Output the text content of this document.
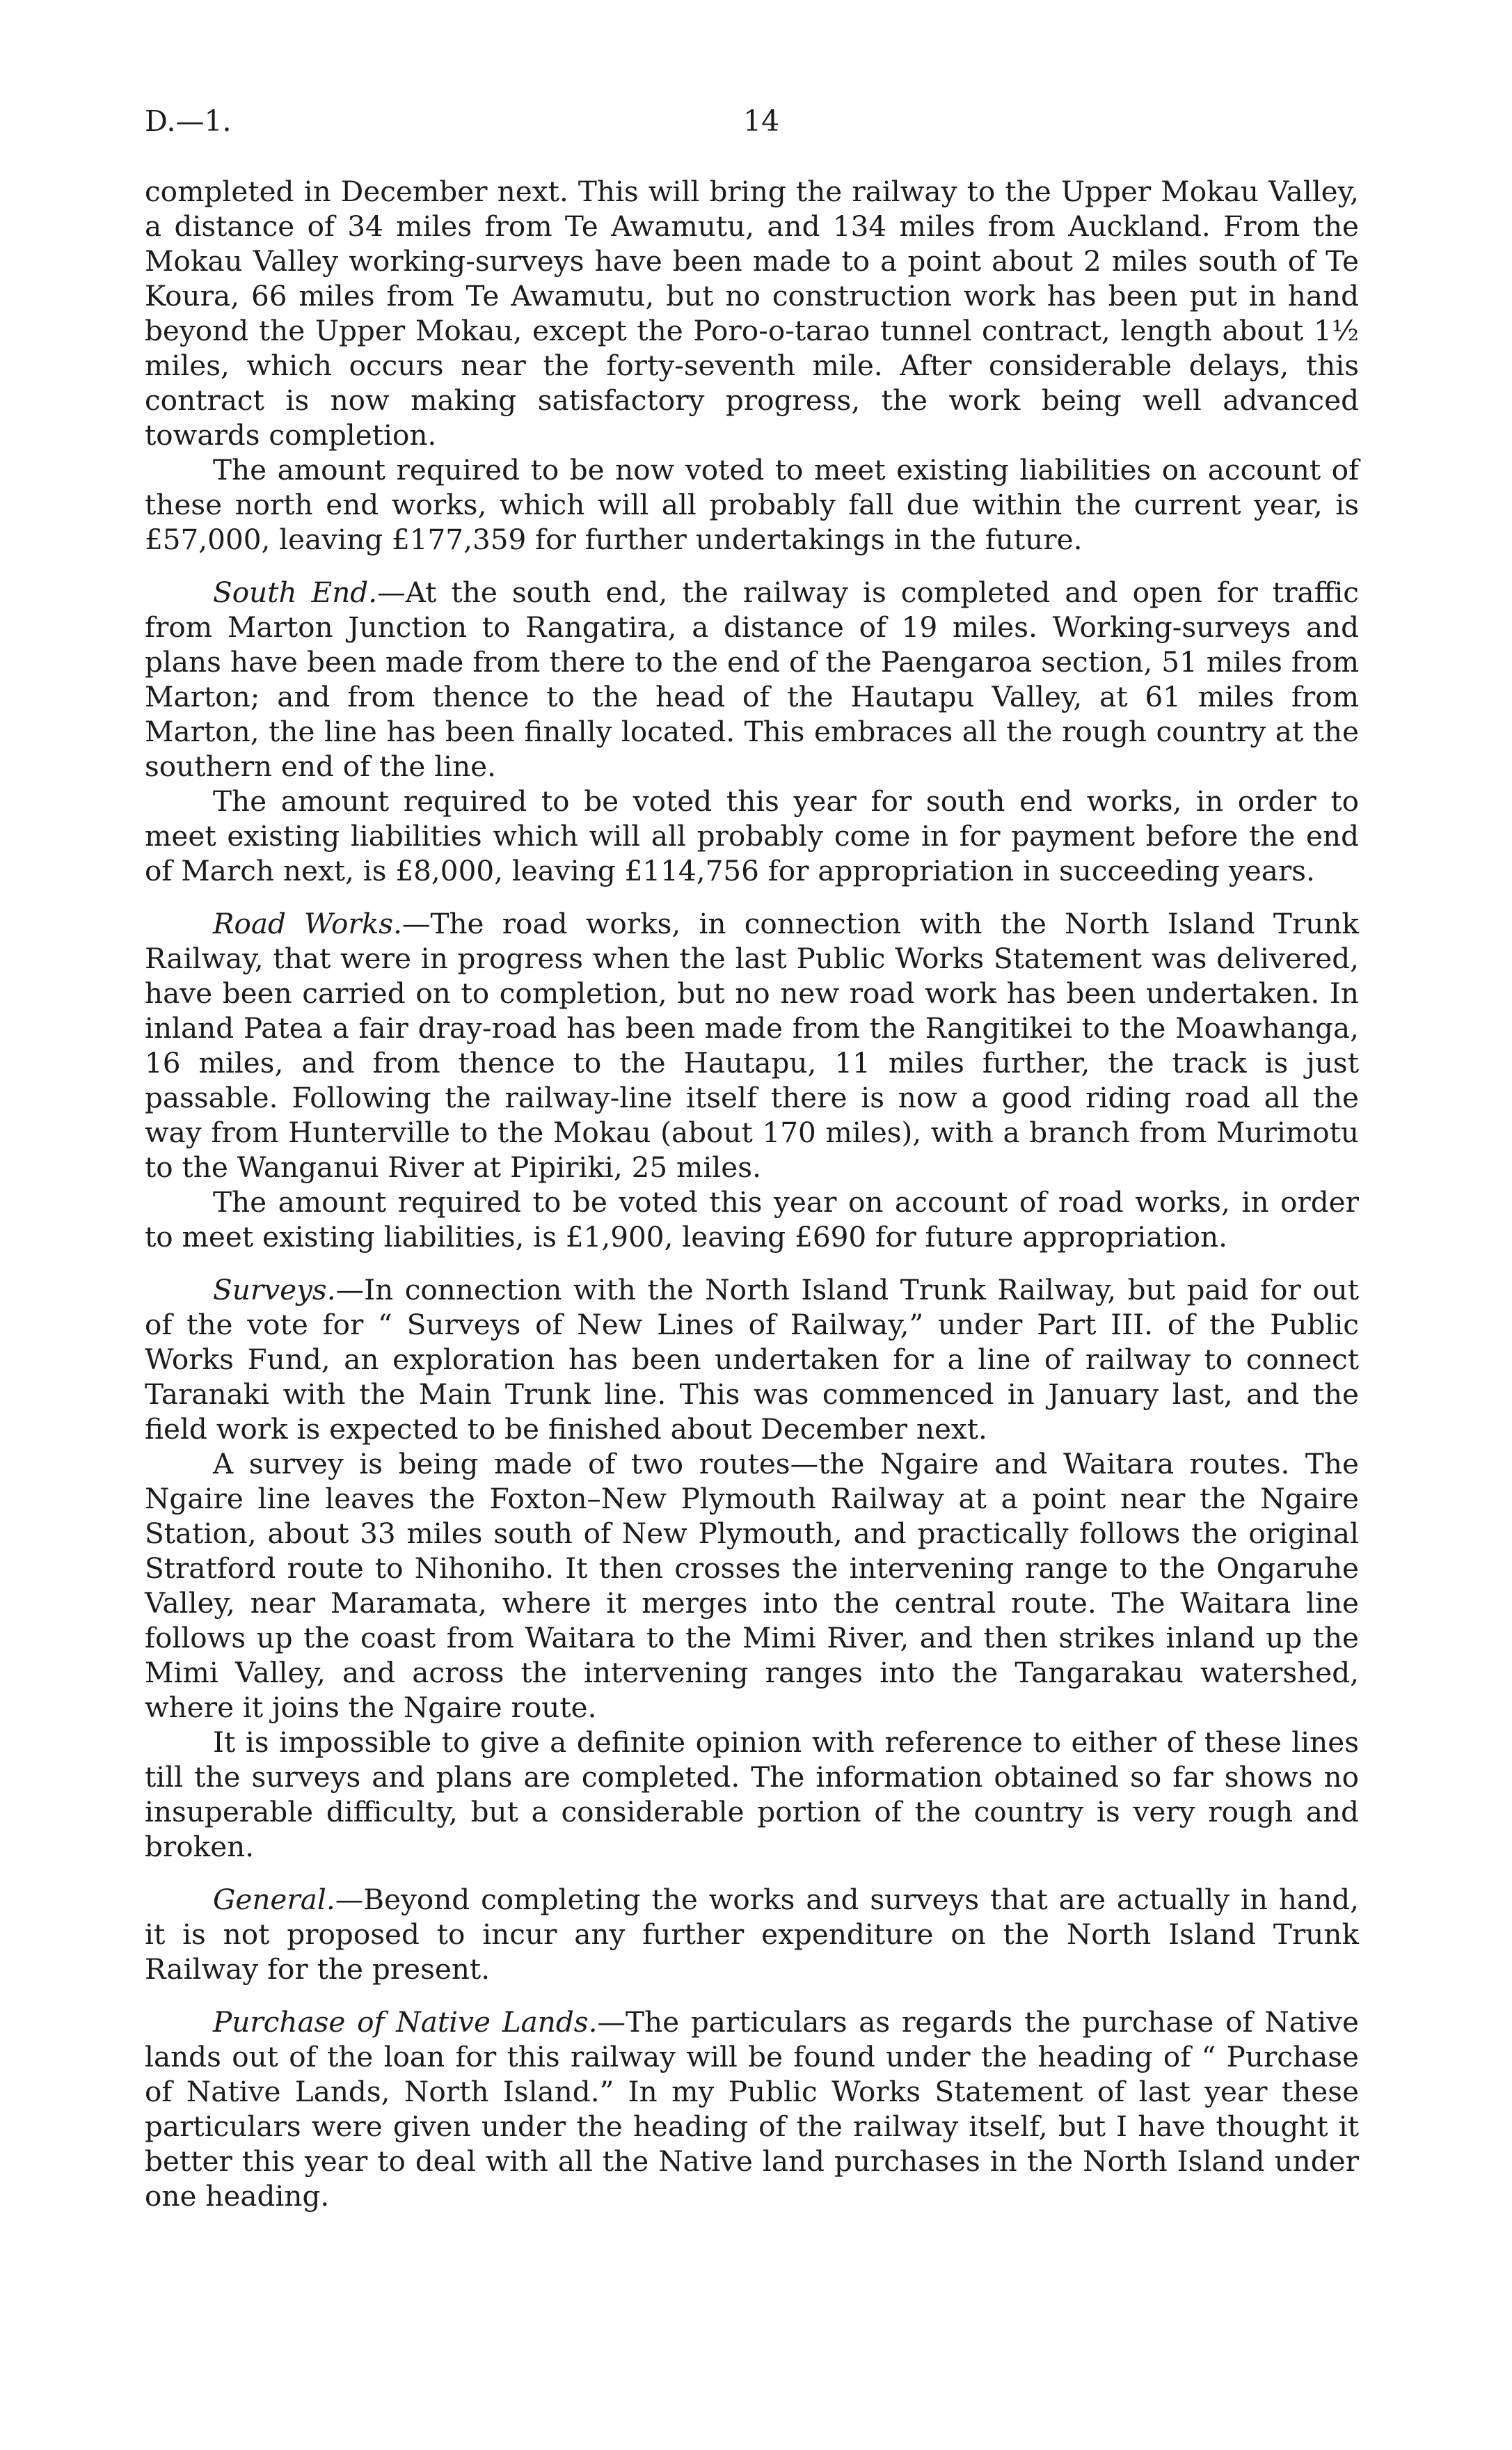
D.—1.	14

completed in December next. This will bring the railway to the Upper Mokau Valley, a distance of 34 miles from Te Awamutu, and 134 miles from Auckland. From the Mokau Valley working-surveys have been made to a point about 2 miles south of Te Koura, 66 miles from Te Awamutu, but no construction work has been put in hand beyond the Upper Mokau, except the Poro-o-tarao tunnel contract, length about 1½ miles, which occurs near the forty-seventh mile. After considerable delays, this contract is now making satisfactory progress, the work being well advanced towards completion.

The amount required to be now voted to meet existing liabilities on account of these north end works, which will all probably fall due within the current year, is £57,000, leaving £177,359 for further undertakings in the future.

South End.—At the south end, the railway is completed and open for traffic from Marton Junction to Rangatira, a distance of 19 miles. Working-surveys and plans have been made from there to the end of the Paengaroa section, 51 miles from Marton; and from thence to the head of the Hautapu Valley, at 61 miles from Marton, the line has been finally located. This embraces all the rough country at the southern end of the line.

The amount required to be voted this year for south end works, in order to meet existing liabilities which will all probably come in for payment before the end of March next, is £8,000, leaving £114,756 for appropriation in succeeding years.

Road Works.—The road works, in connection with the North Island Trunk Railway, that were in progress when the last Public Works Statement was delivered, have been carried on to completion, but no new road work has been undertaken. In inland Patea a fair dray-road has been made from the Rangitikei to the Moawhanga, 16 miles, and from thence to the Hautapu, 11 miles further, the track is just passable. Following the railway-line itself there is now a good riding road all the way from Hunterville to the Mokau (about 170 miles), with a branch from Murimotu to the Wanganui River at Pipiriki, 25 miles.

The amount required to be voted this year on account of road works, in order to meet existing liabilities, is £1,900, leaving £690 for future appropriation.

Surveys.—In connection with the North Island Trunk Railway, but paid for out of the vote for “ Surveys of New Lines of Railway,” under Part III. of the Public Works Fund, an exploration has been undertaken for a line of railway to connect Taranaki with the Main Trunk line. This was commenced in January last, and the field work is expected to be finished about December next.

A survey is being made of two routes—the Ngaire and Waitara routes. The Ngaire line leaves the Foxton–New Plymouth Railway at a point near the Ngaire Station, about 33 miles south of New Plymouth, and practically follows the original Stratford route to Nihoniho. It then crosses the intervening range to the Ongaruhe Valley, near Maramata, where it merges into the central route. The Waitara line follows up the coast from Waitara to the Mimi River, and then strikes inland up the Mimi Valley, and across the intervening ranges into the Tangarakau watershed, where it joins the Ngaire route.

It is impossible to give a definite opinion with reference to either of these lines till the surveys and plans are completed. The information obtained so far shows no insuperable difficulty, but a considerable portion of the country is very rough and broken.

General.—Beyond completing the works and surveys that are actually in hand, it is not proposed to incur any further expenditure on the North Island Trunk Railway for the present.

Purchase of Native Lands.—The particulars as regards the purchase of Native lands out of the loan for this railway will be found under the heading of “ Purchase of Native Lands, North Island.” In my Public Works Statement of last year these particulars were given under the heading of the railway itself, but I have thought it better this year to deal with all the Native land purchases in the North Island under one heading.
